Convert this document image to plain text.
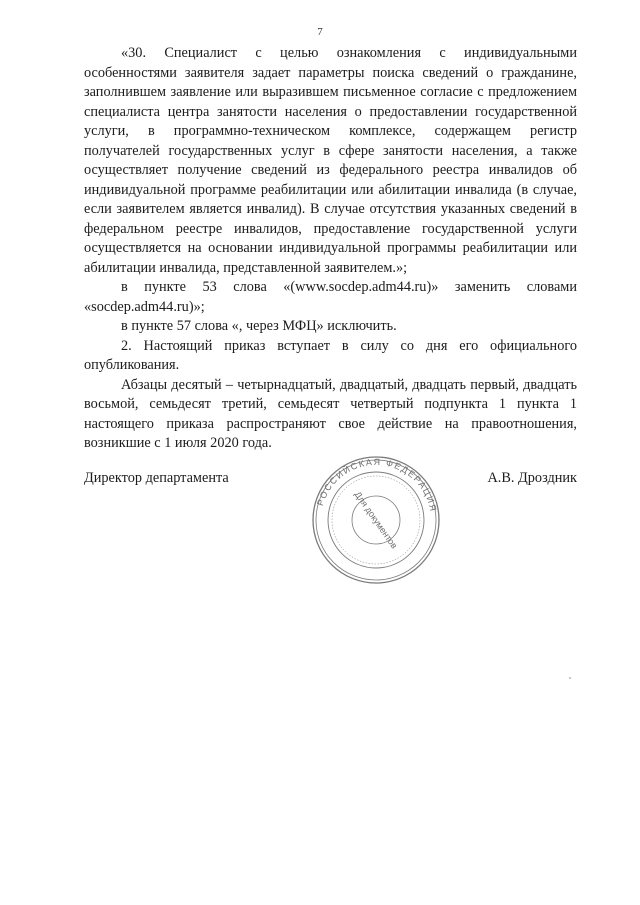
7

«30. Специалист с целью ознакомления с индивидуальными особенностями заявителя задает параметры поиска сведений о гражданине, заполнившем заявление или выразившем письменное согласие с предложением специалиста центра занятости населения о предоставлении государственной услуги, в программно-техническом комплексе, содержащем регистр получателей государственных услуг в сфере занятости населения, а также осуществляет получение сведений из федерального реестра инвалидов об индивидуальной программе реабилитации или абилитации инвалида (в случае, если заявителем является инвалид). В случае отсутствия указанных сведений в федеральном реестре инвалидов, предоставление государственной услуги осуществляется на основании индивидуальной программы реабилитации или абилитации инвалида, представленной заявителем.»;

в пункте 53 слова «(www.socdep.adm44.ru)» заменить словами «socdep.adm44.ru)»;

в пункте 57 слова «, через МФЦ» исключить.

2. Настоящий приказ вступает в силу со дня его официального опубликования.

Абзацы десятый – четырнадцатый, двадцатый, двадцать первый, двадцать восьмой, семьдесят третий, семьдесят четвертый подпункта 1 пункта 1 настоящего приказа распространяют свое действие на правоотношения, возникшие с 1 июля 2020 года.

Директор департамента	А.В. Дроздник
РОССИЙСКАЯ ФЕДЕРАЦИЯ
Для документов
